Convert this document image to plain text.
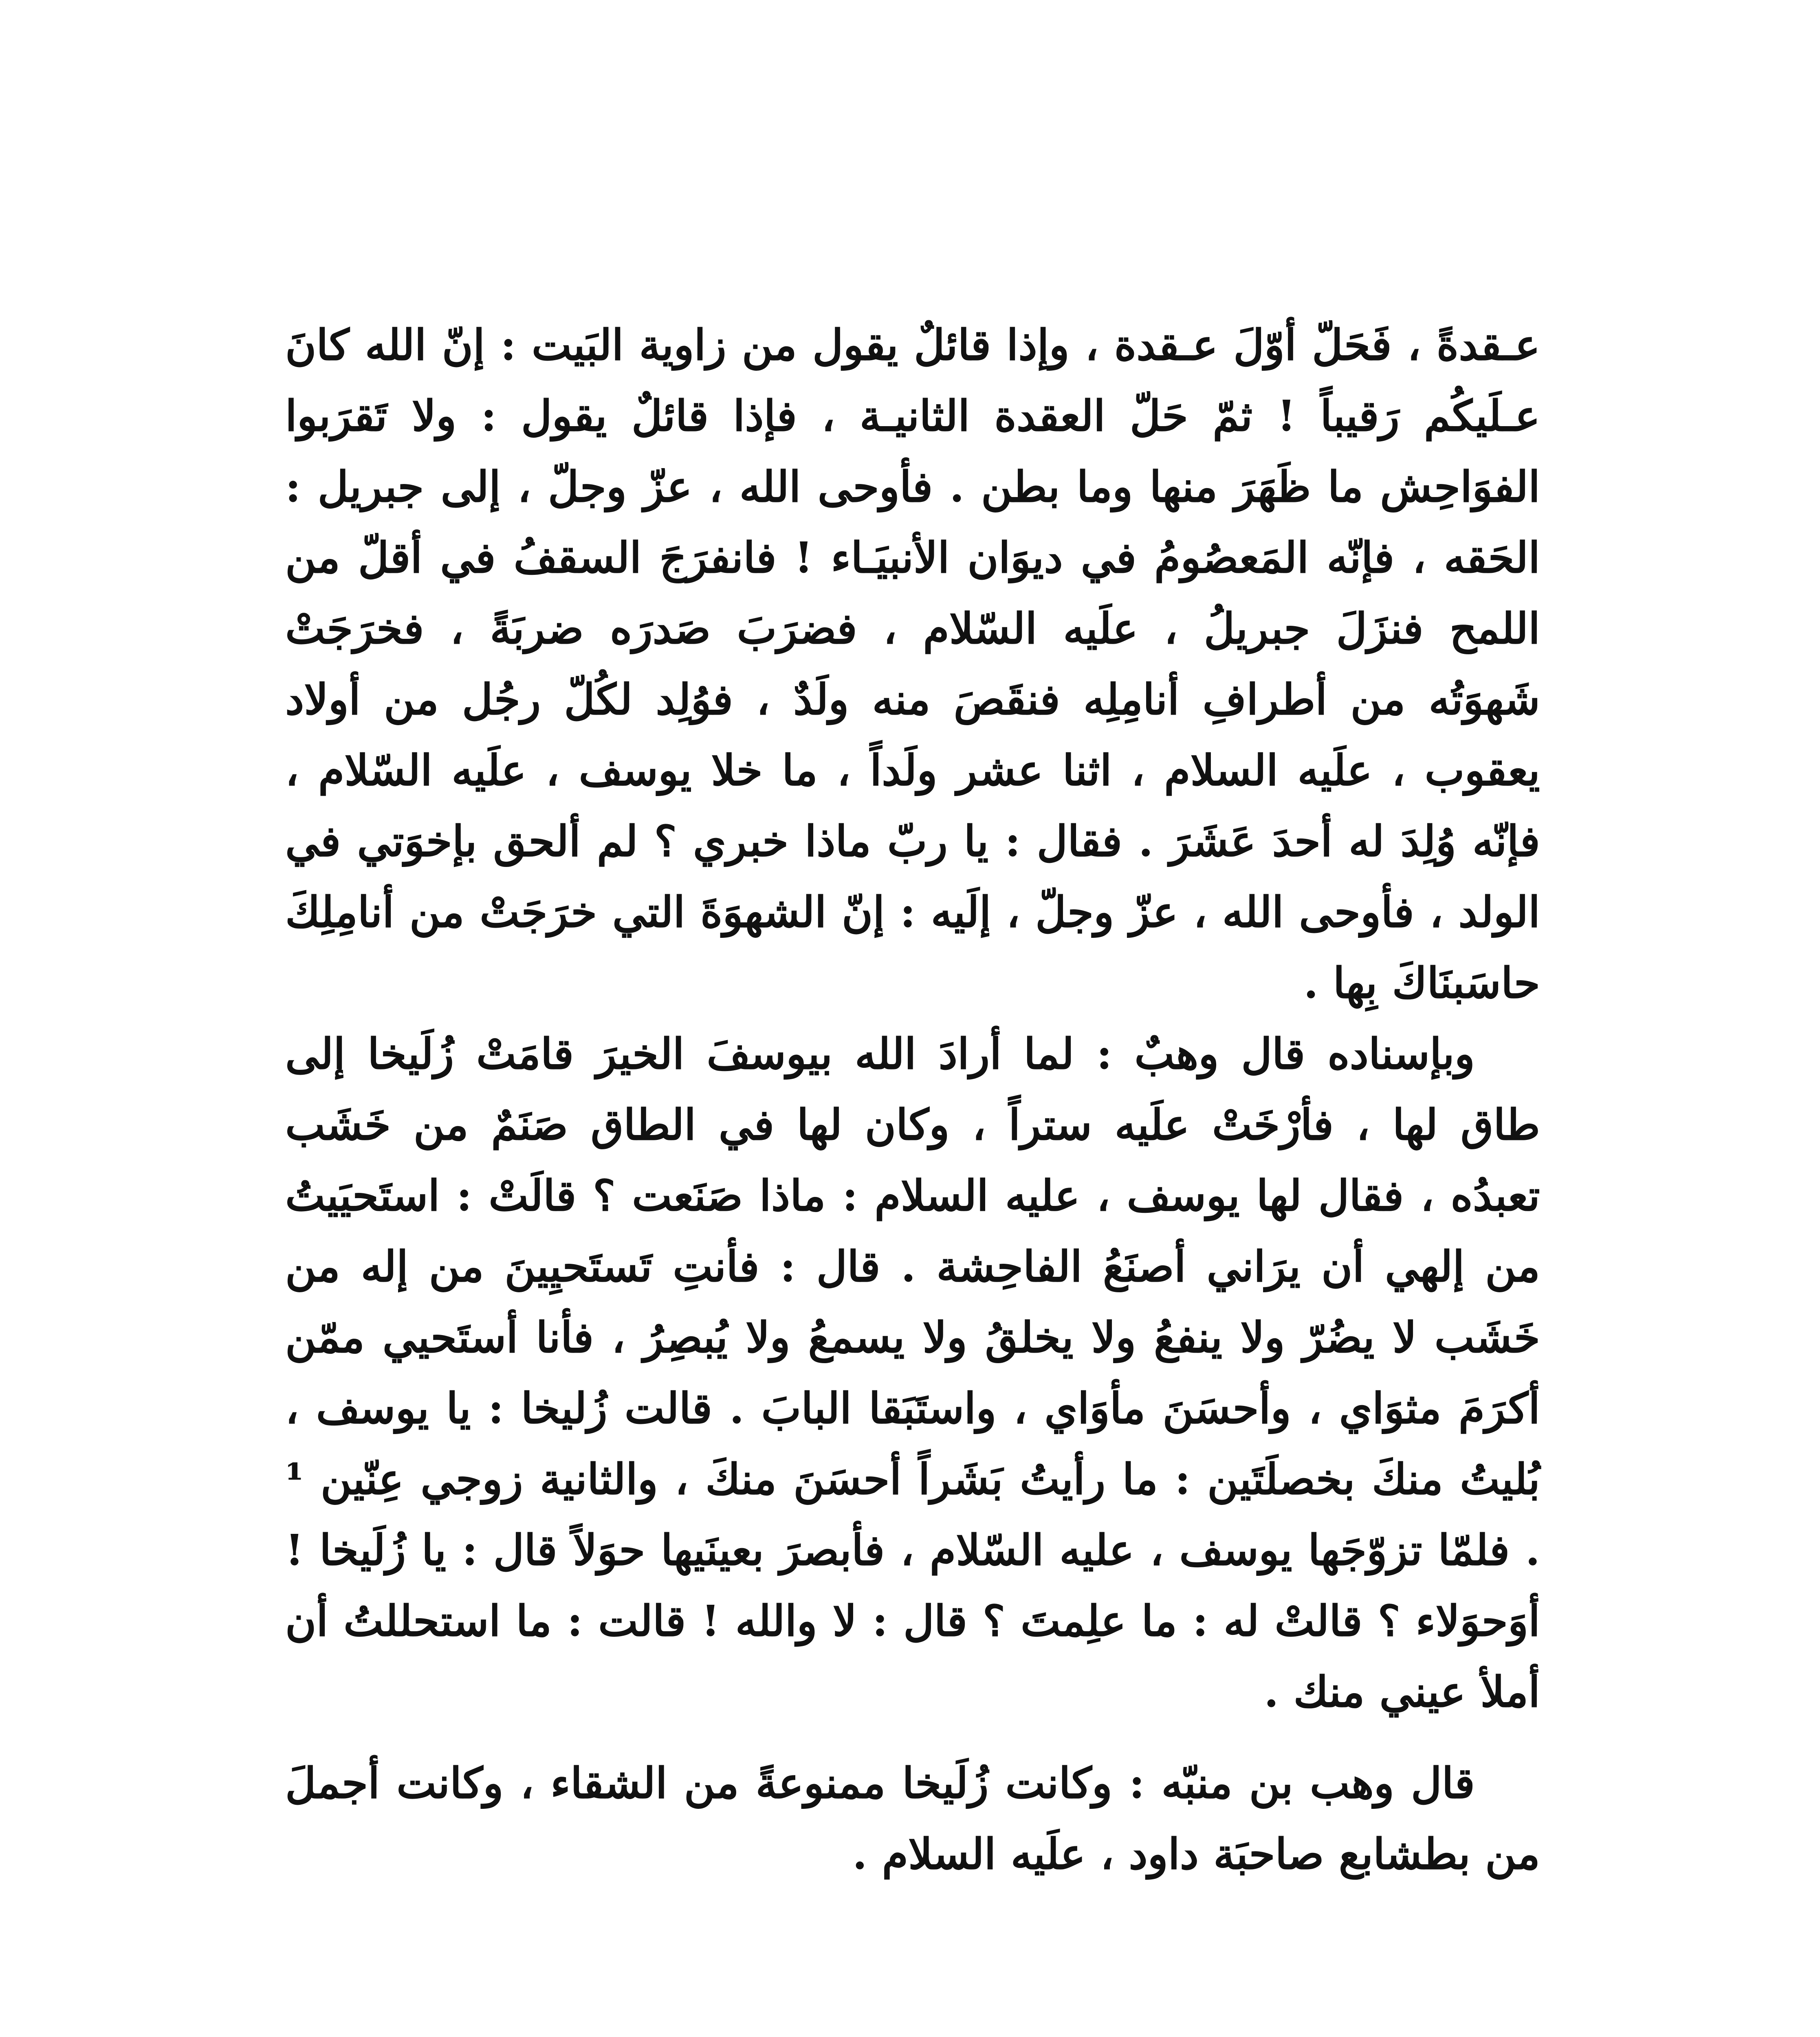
عـقدةً ، فَحَلّ أوّلَ عـقدة ، وإذا قائلٌ يقول من زاوية البَيت : إنّ الله كانَ عـلَيكُم رَقيباً ! ثمّ حَلّ العقدة الثانيـة ، فإذا قائلٌ يقول : ولا تَقرَبوا الفوَاحِش ما ظَهَرَ منها وما بطن . فأوحى الله ، عزّ وجلّ ، إلى جبريل : الحَقه ، فإنّه المَعصُومُ في ديوَان الأنبيَـاء ! فانفرَجَ السقفُ في أقلّ من اللمح فنزَلَ جبريلُ ، علَيه السّلام ، فضرَبَ صَدرَه ضربَةً ، فخرَجَتْ شَهوَتُه من أطرافِ أنامِلِه فنقَصَ منه ولَدٌ ، فوُلِد لكُلّ رجُل من أولاد يعقوب ، علَيه السلام ، اثنا عشر ولَداً ، ما خلا يوسف ، علَيه السّلام ، فإنّه وُلِدَ له أحدَ عَشَرَ . فقال : يا ربّ ماذا خبري ؟ لم ألحق بإخوَتي في الولد ، فأوحى الله ، عزّ وجلّ ، إلَيه : إنّ الشهوَةَ التي خرَجَتْ من أنامِلِكَ حاسَبنَاكَ بِها .

وبإسناده قال وهبٌ : لما أرادَ الله بيوسفَ الخيرَ قامَتْ زُلَيخا إلى طاق لها ، فأرْخَتْ علَيه ستراً ، وكان لها في الطاق صَنَمٌ من خَشَب تعبدُه ، فقال لها يوسف ، عليه السلام : ماذا صَنَعت ؟ قالَتْ : استَحيَيتُ من إلهي أن يرَاني أصنَعُ الفاحِشة . قال : فأنتِ تَستَحيِينَ من إله من خَشَب لا يضُرّ ولا ينفعُ ولا يخلقُ ولا يسمعُ ولا يُبصِرُ ، فأنا أستَحيي ممّن أكرَمَ مثوَاي ، وأحسَنَ مأوَاي ، واستَبَقا البابَ . قالت زُليخا : يا يوسف ، بُليتُ منكَ بخصلَتَين : ما رأيتُ بَشَراً أحسَنَ منكَ ، والثانية زوجي عِنّين ¹ . فلمّا تزوّجَها يوسف ، عليه السّلام ، فأبصرَ بعينَيها حوَلاً قال : يا زُلَيخا ! أوَحوَلاء ؟ قالتْ له : ما علِمتَ ؟ قال : لا والله ! قالت : ما استحللتُ أن أملأ عيني منك .

قال وهب بن منبّه : وكانت زُلَيخا ممنوعةً من الشقاء ، وكانت أجملَ من بطشابع صاحبَة داود ، علَيه السلام .
